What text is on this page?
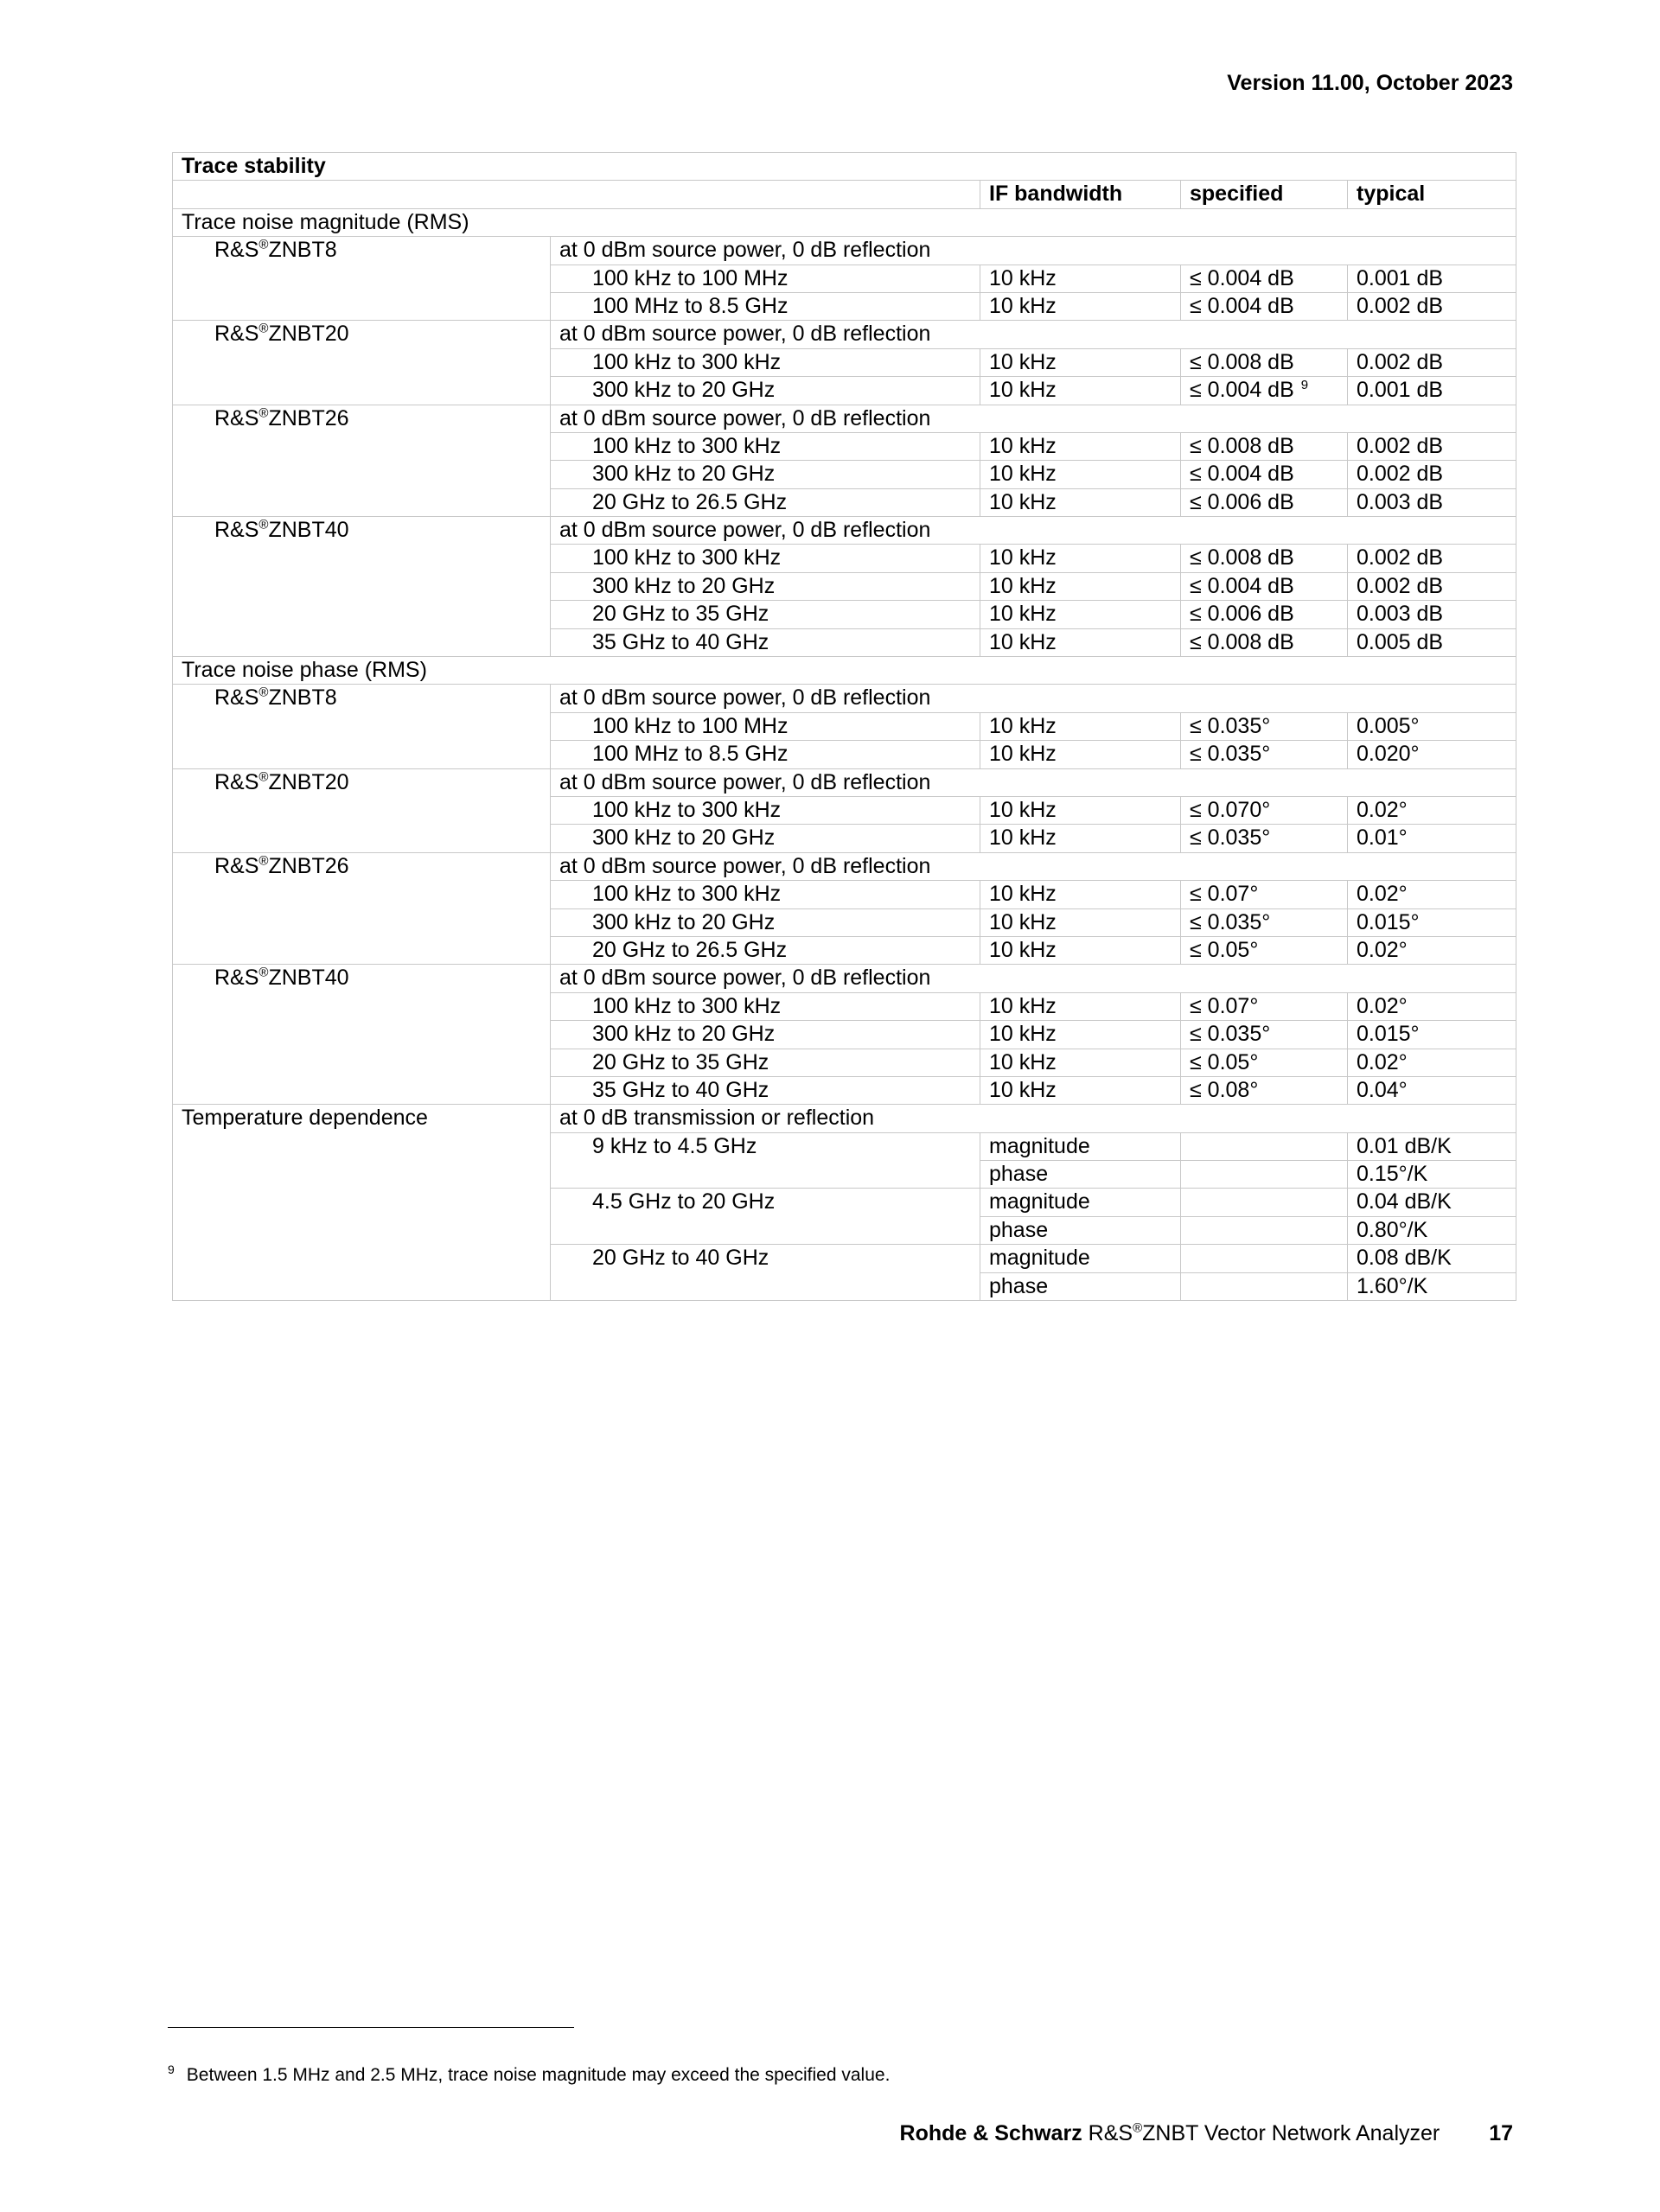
Version 11.00, October 2023
Trace stability				
		IF bandwidth	specified	typical
Trace noise magnitude (RMS)				
R&S®ZNBT8	at 0 dBm source power, 0 dB reflection			
	100 kHz to 100 MHz	10 kHz	≤ 0.004 dB	0.001 dB
	100 MHz to 8.5 GHz	10 kHz	≤ 0.004 dB	0.002 dB
R&S®ZNBT20	at 0 dBm source power, 0 dB reflection			
	100 kHz to 300 kHz	10 kHz	≤ 0.008 dB	0.002 dB
	300 kHz to 20 GHz	10 kHz	≤ 0.004 dB $^9$	0.001 dB
R&S®ZNBT26	at 0 dBm source power, 0 dB reflection			
	100 kHz to 300 kHz	10 kHz	≤ 0.008 dB	0.002 dB
	300 kHz to 20 GHz	10 kHz	≤ 0.004 dB	0.002 dB
	20 GHz to 26.5 GHz	10 kHz	≤ 0.006 dB	0.003 dB
R&S®ZNBT40	at 0 dBm source power, 0 dB reflection			
	100 kHz to 300 kHz	10 kHz	≤ 0.008 dB	0.002 dB
	300 kHz to 20 GHz	10 kHz	≤ 0.004 dB	0.002 dB
	20 GHz to 35 GHz	10 kHz	≤ 0.006 dB	0.003 dB
	35 GHz to 40 GHz	10 kHz	≤ 0.008 dB	0.005 dB
Trace noise phase (RMS)				
R&S®ZNBT8	at 0 dBm source power, 0 dB reflection			
	100 kHz to 100 MHz	10 kHz	≤ 0.035°	0.005°
	100 MHz to 8.5 GHz	10 kHz	≤ 0.035°	0.020°
R&S®ZNBT20	at 0 dBm source power, 0 dB reflection			
	100 kHz to 300 kHz	10 kHz	≤ 0.070°	0.02°
	300 kHz to 20 GHz	10 kHz	≤ 0.035°	0.01°
R&S®ZNBT26	at 0 dBm source power, 0 dB reflection			
	100 kHz to 300 kHz	10 kHz	≤ 0.07°	0.02°
	300 kHz to 20 GHz	10 kHz	≤ 0.035°	0.015°
	20 GHz to 26.5 GHz	10 kHz	≤ 0.05°	0.02°
R&S®ZNBT40	at 0 dBm source power, 0 dB reflection			
	100 kHz to 300 kHz	10 kHz	≤ 0.07°	0.02°
	300 kHz to 20 GHz	10 kHz	≤ 0.035°	0.015°
	20 GHz to 35 GHz	10 kHz	≤ 0.05°	0.02°
	35 GHz to 40 GHz	10 kHz	≤ 0.08°	0.04°
Temperature dependence	at 0 dB transmission or reflection			
	9 kHz to 4.5 GHz	magnitude		0.01 dB/K
		phase		0.15°/K
	4.5 GHz to 20 GHz	magnitude		0.04 dB/K
		phase		0.80°/K
	20 GHz to 40 GHz	magnitude		0.08 dB/K
		phase		1.60°/K
$^9$ Between 1.5 MHz and 2.5 MHz, trace noise magnitude may exceed the specified value.
Rohde & Schwarz R&S®ZNBT Vector Network Analyzer 17
